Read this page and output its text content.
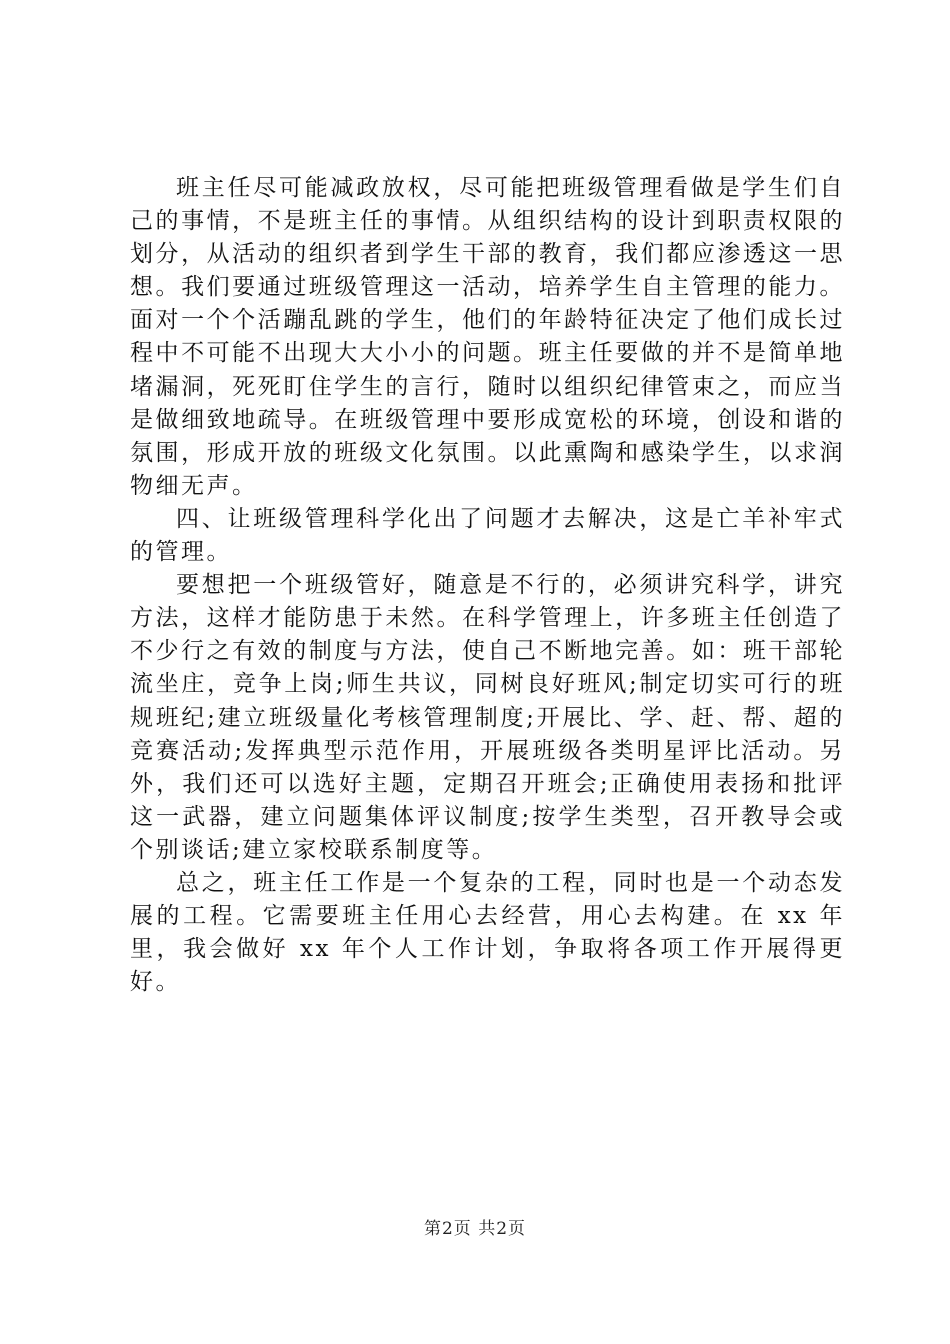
班主任尽可能减政放权，尽可能把班级管理看做是学生们自己的事情，不是班主任的事情。从组织结构的设计到职责权限的划分，从活动的组织者到学生干部的教育，我们都应渗透这一思想。我们要通过班级管理这一活动，培养学生自主管理的能力。面对一个个活蹦乱跳的学生，他们的年龄特征决定了他们成长过程中不可能不出现大大小小的问题。班主任要做的并不是简单地堵漏洞，死死盯住学生的言行，随时以组织纪律管束之，而应当是做细致地疏导。在班级管理中要形成宽松的环境，创设和谐的氛围，形成开放的班级文化氛围。以此熏陶和感染学生，以求润物细无声。

四、让班级管理科学化出了问题才去解决，这是亡羊补牢式的管理。

要想把一个班级管好，随意是不行的，必须讲究科学，讲究方法，这样才能防患于未然。在科学管理上，许多班主任创造了不少行之有效的制度与方法，使自己不断地完善。如：班干部轮流坐庄，竞争上岗;师生共议，同树良好班风;制定切实可行的班规班纪;建立班级量化考核管理制度;开展比、学、赶、帮、超的竞赛活动;发挥典型示范作用，开展班级各类明星评比活动。另外，我们还可以选好主题，定期召开班会;正确使用表扬和批评这一武器，建立问题集体评议制度;按学生类型，召开教导会或个别谈话;建立家校联系制度等。

总之，班主任工作是一个复杂的工程，同时也是一个动态发展的工程。它需要班主任用心去经营，用心去构建。在 xx 年里，我会做好 xx 年个人工作计划，争取将各项工作开展得更好。

第2页 共2页
